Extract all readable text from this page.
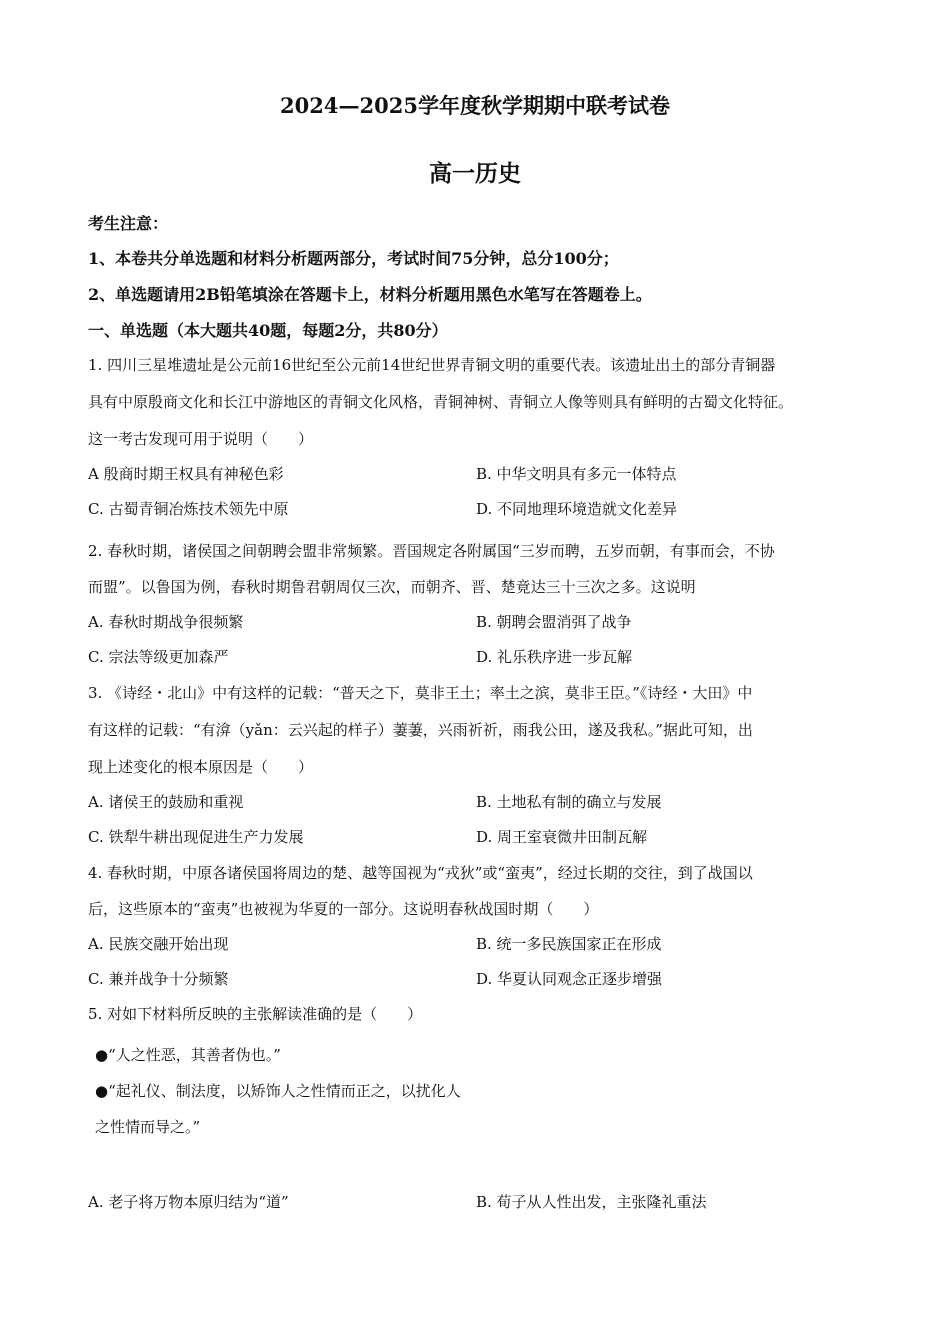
2024—2025学年度秋学期期中联考试卷
高一历史
考生注意：
1、本卷共分单选题和材料分析题两部分，考试时间75分钟，总分100分；
2、单选题请用2B铅笔填涂在答题卡上，材料分析题用黑色水笔写在答题卷上。
一、单选题（本大题共40题，每题2分，共80分）
1. 四川三星堆遗址是公元前16世纪至公元前14世纪世界青铜文明的重要代表。该遗址出土的部分青铜器
具有中原殷商文化和长江中游地区的青铜文化风格，青铜神树、青铜立人像等则具有鲜明的古蜀文化特征。
这一考古发现可用于说明（　　）
A 殷商时期王权具有神秘色彩	B. 中华文明具有多元一体特点
C. 古蜀青铜冶炼技术领先中原	D. 不同地理环境造就文化差异
2. 春秋时期，诸侯国之间朝聘会盟非常频繁。晋国规定各附属国“三岁而聘，五岁而朝，有事而会，不协
而盟”。以鲁国为例，春秋时期鲁君朝周仅三次，而朝齐、晋、楚竟达三十三次之多。这说明
A. 春秋时期战争很频繁	B. 朝聘会盟消弭了战争
C. 宗法等级更加森严	D. 礼乐秩序进一步瓦解
3. 《诗经・北山》中有这样的记载：“普天之下，莫非王土；率土之滨，莫非王臣。”《诗经・大田》中
有这样的记载：“有渰（yǎn：云兴起的样子）萋萋，兴雨祈祈，雨我公田，遂及我私。”据此可知，出
现上述变化的根本原因是（　　）
A. 诸侯王的鼓励和重视	B. 土地私有制的确立与发展
C. 铁犁牛耕出现促进生产力发展	D. 周王室衰微井田制瓦解
4. 春秋时期，中原各诸侯国将周边的楚、越等国视为“戎狄”或“蛮夷”，经过长期的交往，到了战国以
后，这些原本的“蛮夷”也被视为华夏的一部分。这说明春秋战国时期（　　）
A. 民族交融开始出现	B. 统一多民族国家正在形成
C. 兼并战争十分频繁	D. 华夏认同观念正逐步增强
5. 对如下材料所反映的主张解读准确的是（　　）
●“人之性恶，其善者伪也。”
●“起礼仪、制法度，以矫饰人之性情而正之，以扰化人
之性情而导之。”
A. 老子将万物本原归结为“道”	B. 荀子从人性出发，主张隆礼重法
